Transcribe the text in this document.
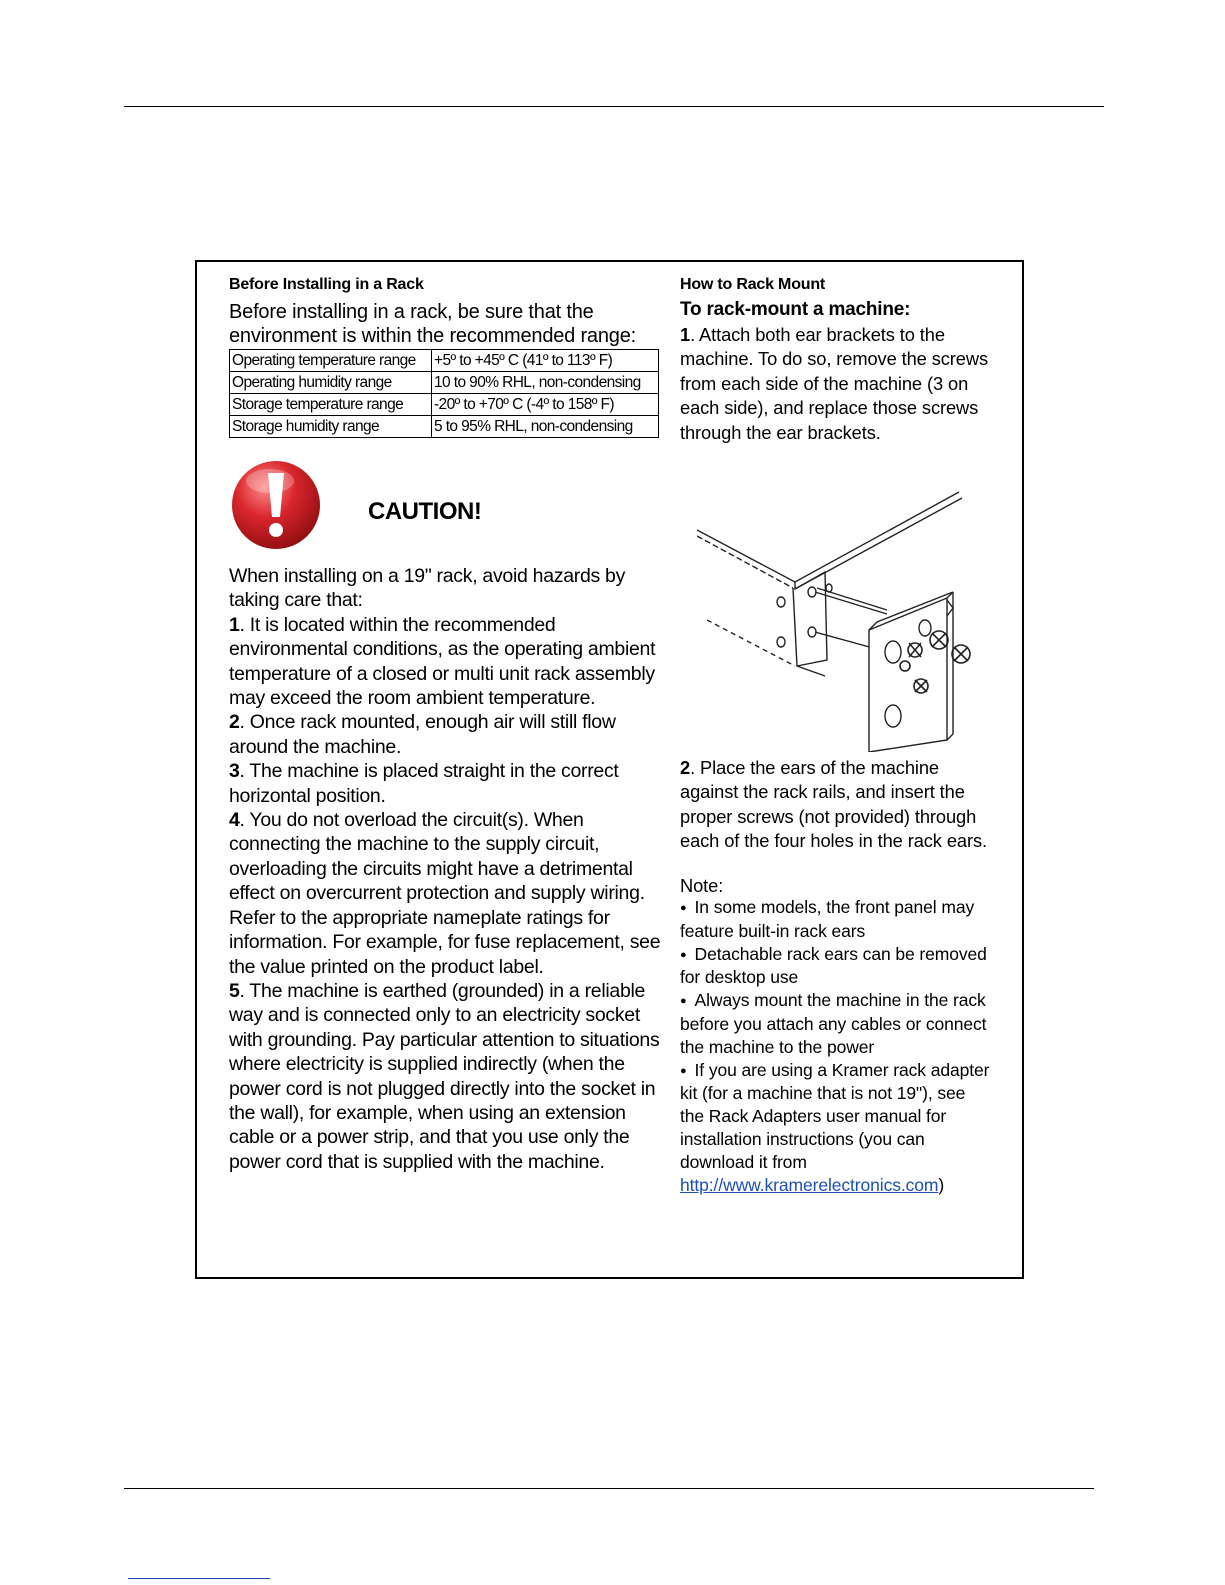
Before Installing in a Rack
Before installing in a rack, be sure that the environment is within the recommended range:
Operating temperature range	+5º to +45º C (41º to 113º F)
Operating humidity range	10 to 90% RHL, non-condensing
Storage temperature range	-20º to +70º C (-4º to 158º F)
Storage humidity range	5 to 95% RHL, non-condensing
CAUTION!

When installing on a 19" rack, avoid hazards by taking care that:

1. It is located within the recommended environmental conditions, as the operating ambient temperature of a closed or multi unit rack assembly may exceed the room ambient temperature.

2. Once rack mounted, enough air will still flow around the machine.

3. The machine is placed straight in the correct horizontal position.

4. You do not overload the circuit(s). When connecting the machine to the supply circuit, overloading the circuits might have a detrimental effect on overcurrent protection and supply wiring. Refer to the appropriate nameplate ratings for information. For example, for fuse replacement, see the value printed on the product label.

5. The machine is earthed (grounded) in a reliable way and is connected only to an electricity socket with grounding. Pay particular attention to situations where electricity is supplied indirectly (when the power cord is not plugged directly into the socket in the wall), for example, when using an extension cable or a power strip, and that you use only the power cord that is supplied with the machine.

How to Rack Mount
To rack-mount a machine:
1. Attach both ear brackets to the machine. To do so, remove the screws from each side of the machine (3 on each side), and replace those screws through the ear brackets.
2. Place the ears of the machine against the rack rails, and insert the proper screws (not provided) through each of the four holes in the rack ears.
Note:
● In some models, the front panel may feature built-in rack ears
● Detachable rack ears can be removed for desktop use
● Always mount the machine in the rack before you attach any cables or connect the machine to the power
● If you are using a Kramer rack adapter kit (for a machine that is not 19"), see the Rack Adapters user manual for installation instructions (you can download it from
http://www.kramerelectronics.com)
